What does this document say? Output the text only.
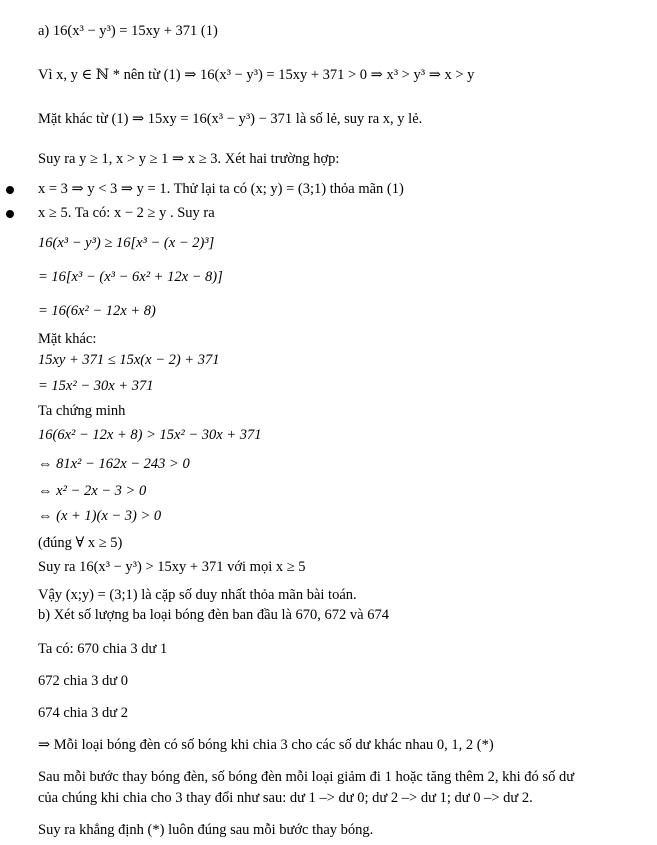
a) 16(x³ − y³) = 15xy + 371 (1)
Vì x, y ∈ ℕ * nên từ (1) ⇒ 16(x³ − y³) = 15xy + 371 > 0 ⇒ x³ > y³ ⇒ x > y
Mặt khác từ (1) ⇒ 15xy = 16(x³ − y³) − 371 là số lẻ, suy ra x, y lẻ.
Suy ra y ≥ 1, x > y ≥ 1 ⇒ x ≥ 3. Xét hai trường hợp:
x = 3 ⇒ y < 3 ⇒ y = 1. Thử lại ta có (x; y) = (3;1) thỏa mãn (1)
x ≥ 5. Ta có: x − 2 ≥ y . Suy ra
16(x³ − y³) ≥ 16[x³ − (x − 2)³]
= 16[x³ − (x³ − 6x² + 12x − 8)]
= 16(6x² − 12x + 8)
Mặt khác:
15xy + 371 ≤ 15x(x − 2) + 371
= 15x² − 30x + 371
Ta chứng minh
16(6x² − 12x + 8) > 15x² − 30x + 371
⇔ 81x² − 162x − 243 > 0
⇔ x² − 2x − 3 > 0
⇔ (x + 1)(x − 3) > 0
(đúng ∀ x ≥ 5)
Suy ra 16(x³ − y³) > 15xy + 371 với mọi x ≥ 5
Vậy (x;y) = (3;1) là cặp số duy nhất thỏa mãn bài toán.
b) Xét số lượng ba loại bóng đèn ban đầu là 670, 672 và 674
Ta có: 670 chia 3 dư 1
672 chia 3 dư 0
674 chia 3 dư 2
⇒ Mỗi loại bóng đèn có số bóng khi chia 3 cho các số dư khác nhau 0, 1, 2 (*)
Sau mỗi bước thay bóng đèn, số bóng đèn mỗi loại giảm đi 1 hoặc tăng thêm 2, khi đó số dư
của chúng khi chia cho 3 thay đổi như sau: dư 1 –> dư 0; dư 2 –> dư 1; dư 0 –> dư 2.
Suy ra khẳng định (*) luôn đúng sau mỗi bước thay bóng.
